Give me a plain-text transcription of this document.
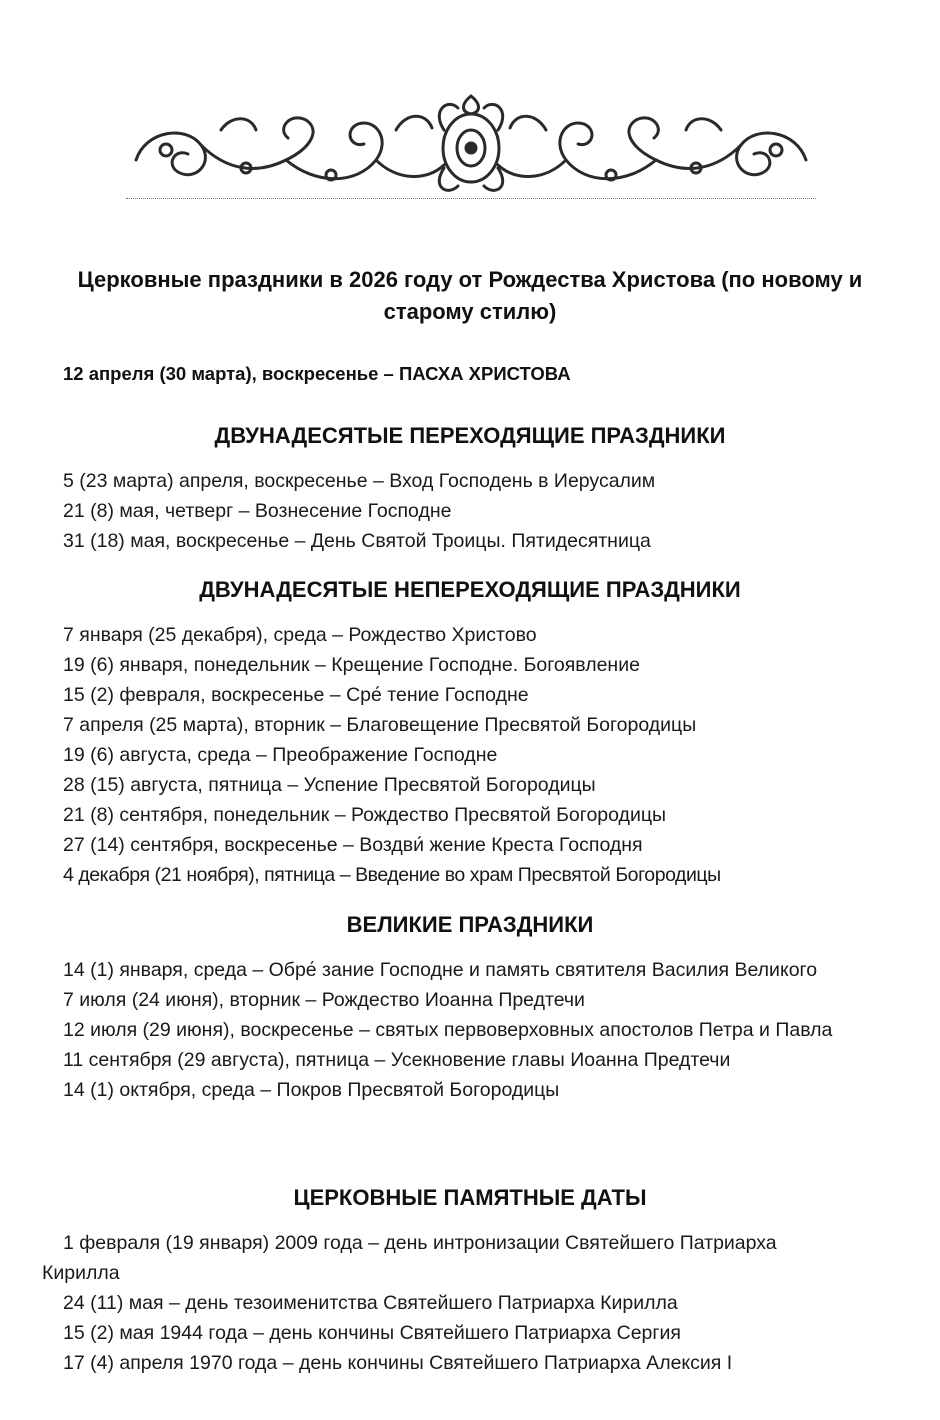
Церковные праздники в 2026 году от Рождества Христова (по новому и старому стилю)
12 апреля (30 марта), воскресенье – ПАСХА ХРИСТОВА
ДВУНАДЕСЯТЫЕ ПЕРЕХОДЯЩИЕ ПРАЗДНИКИ
5 (23 марта) апреля, воскресенье – Вход Господень в Иерусалим
21 (8) мая, четверг – Вознесение Господне
31 (18) мая, воскресенье – День Святой Троицы. Пятидесятница
ДВУНАДЕСЯТЫЕ НЕПЕРЕХОДЯЩИЕ ПРАЗДНИКИ
7 января (25 декабря), среда – Рождество Христово
19 (6) января, понедельник – Крещение Господне. Богоявление
15 (2) февраля, воскресенье – Сре́ тение Господне
7 апреля (25 марта), вторник – Благовещение Пресвятой Богородицы
19 (6) августа, среда – Преображение Господне
28 (15) августа, пятница – Успение Пресвятой Богородицы
21 (8) сентября, понедельник – Рождество Пресвятой Богородицы
27 (14) сентября, воскресенье – Воздви́ жение Креста Господня
4 декабря (21 ноября), пятница – Введение во храм Пресвятой Богородицы
ВЕЛИКИЕ ПРАЗДНИКИ
14 (1) января, среда – Обре́ зание Господне и память святителя Василия Великого
7 июля (24 июня), вторник – Рождество Иоанна Предтечи
12 июля (29 июня), воскресенье – святых первоверховных апостолов Петра и Павла
11 сентября (29 августа), пятница – Усекновение главы Иоанна Предтечи
14 (1) октября, среда – Покров Пресвятой Богородицы
ЦЕРКОВНЫЕ ПАМЯТНЫЕ ДАТЫ
1 февраля (19 января) 2009 года – день интронизации Святейшего Патриарха Кирилла
24 (11) мая – день тезоименитства Святейшего Патриарха Кирилла
15 (2) мая 1944 года – день кончины Святейшего Патриарха Сергия
17 (4) апреля 1970 года – день кончины Святейшего Патриарха Алексия I
